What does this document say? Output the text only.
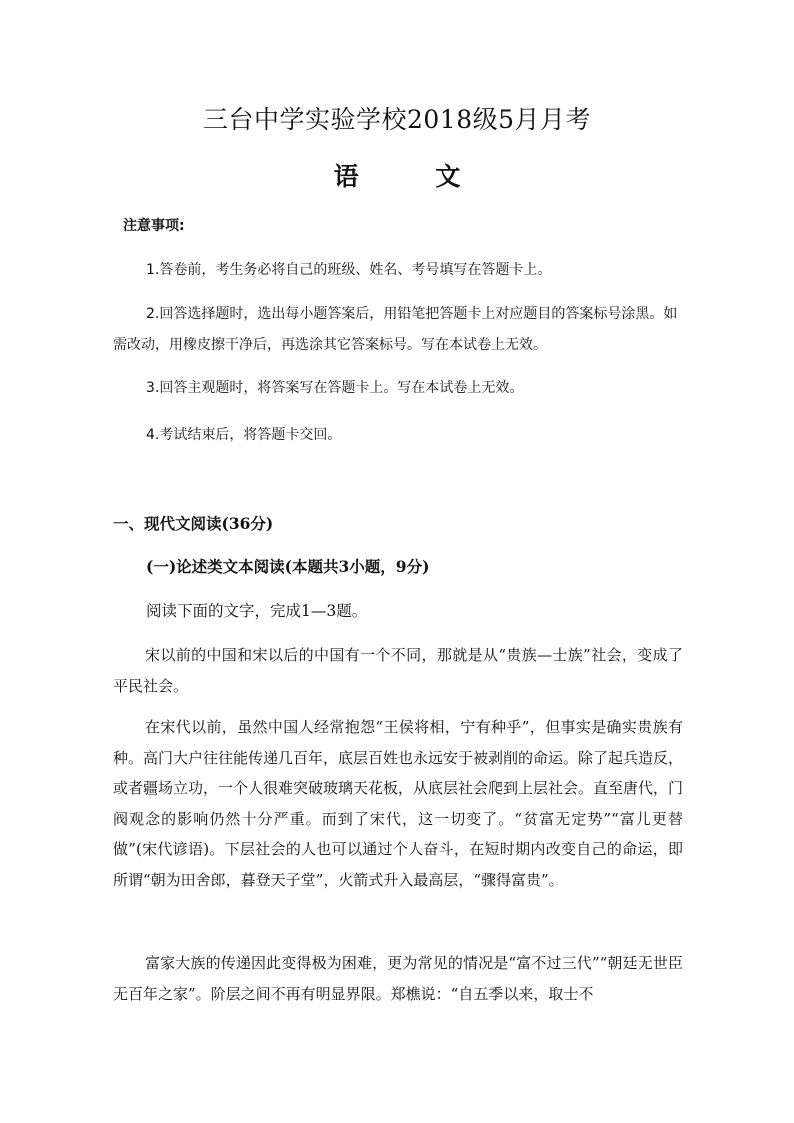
三台中学实验学校2018级5月月考
语 文
注意事项:
1.答卷前，考生务必将自己的班级、姓名、考号填写在答题卡上。
2.回答选择题时，选出每小题答案后，用铅笔把答题卡上对应题目的答案标号涂黑。如
需改动，用橡皮擦干净后，再选涂其它答案标号。写在本试卷上无效。
3.回答主观题时，将答案写在答题卡上。写在本试卷上无效。
4.考试结束后，将答题卡交回。
一、现代文阅读(36分)
(一)论述类文本阅读(本题共3小题，9分)
阅读下面的文字，完成1—3题。
宋以前的中国和宋以后的中国有一个不同，那就是从“贵族—士族”社会，变成了平民社会。
在宋代以前，虽然中国人经常抱怨“王侯将相，宁有种乎”，但事实是确实贵族有种。高门大户往往能传递几百年，底层百姓也永远安于被剥削的命运。除了起兵造反，或者疆场立功，一个人很难突破玻璃天花板，从底层社会爬到上层社会。直至唐代，门阀观念的影响仍然十分严重。而到了宋代，这一切变了。“贫富无定势”“富儿更替做”(宋代谚语)。下层社会的人也可以通过个人奋斗，在短时期内改变自己的命运，即所谓“朝为田舍郎，暮登天子堂”，火箭式升入最高层，“骤得富贵”。
富家大族的传递因此变得极为困难，更为常见的情况是“富不过三代”“朝廷无世臣无百年之家”。阶层之间不再有明显界限。郑樵说：“自五季以来，取士不
